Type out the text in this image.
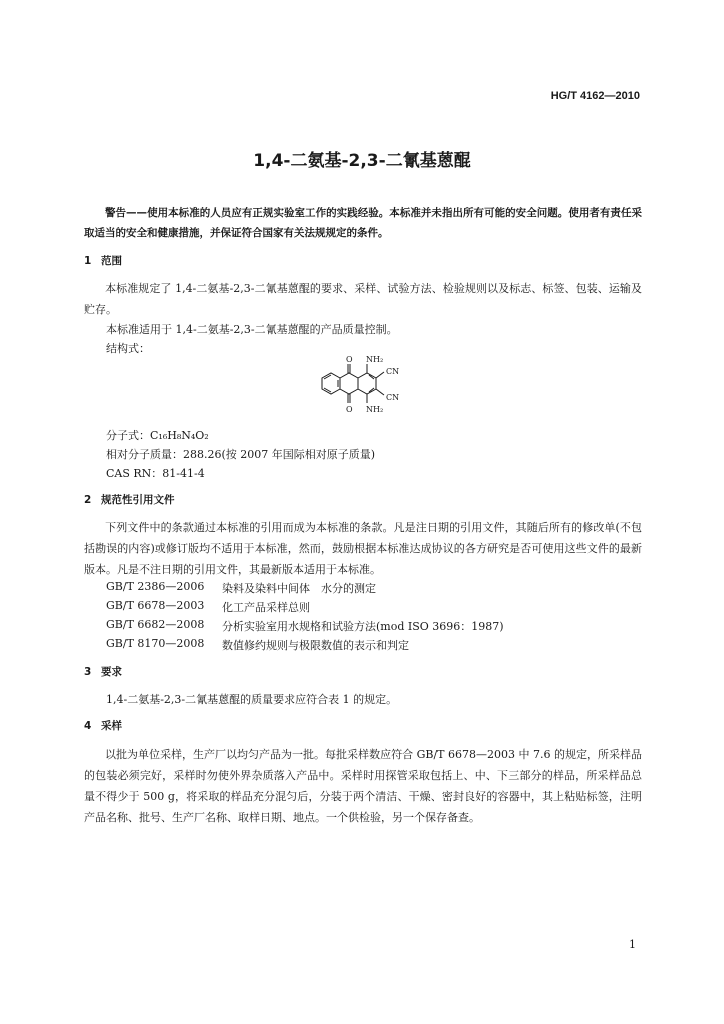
HG/T 4162—2010
1,4-二氨基-2,3-二氰基蒽醌
警告——使用本标准的人员应有正规实验室工作的实践经验。本标准并未指出所有可能的安全问题。使用者有责任采取适当的安全和健康措施，并保证符合国家有关法规规定的条件。
1 范围
本标准规定了 1,4-二氨基-2,3-二氰基蒽醌的要求、采样、试验方法、检验规则以及标志、标签、包装、运输及贮存。
本标准适用于 1,4-二氨基-2,3-二氰基蒽醌的产品质量控制。
结构式：
O
O
NH₂
NH₂
CN
CN
分子式：C₁₆H₈N₄O₂
相对分子质量：288.26(按 2007 年国际相对原子质量)
CAS RN：81-41-4
2 规范性引用文件
下列文件中的条款通过本标准的引用而成为本标准的条款。凡是注日期的引用文件，其随后所有的修改单(不包括勘误的内容)或修订版均不适用于本标准，然而，鼓励根据本标准达成协议的各方研究是否可使用这些文件的最新版本。凡是不注日期的引用文件，其最新版本适用于本标准。
GB/T 2386—2006 染料及染料中间体　水分的测定
GB/T 6678—2003 化工产品采样总则
GB/T 6682—2008 分析实验室用水规格和试验方法(mod ISO 3696：1987)
GB/T 8170—2008 数值修约规则与极限数值的表示和判定
3 要求
1,4-二氨基-2,3-二氰基蒽醌的质量要求应符合表 1 的规定。
4 采样
以批为单位采样，生产厂以均匀产品为一批。每批采样数应符合 GB/T 6678—2003 中 7.6 的规定，所采样品的包装必须完好，采样时勿使外界杂质落入产品中。采样时用探管采取包括上、中、下三部分的样品，所采样品总量不得少于 500 g，将采取的样品充分混匀后，分装于两个清洁、干燥、密封良好的容器中，其上粘贴标签，注明产品名称、批号、生产厂名称、取样日期、地点。一个供检验，另一个保存备查。
1
